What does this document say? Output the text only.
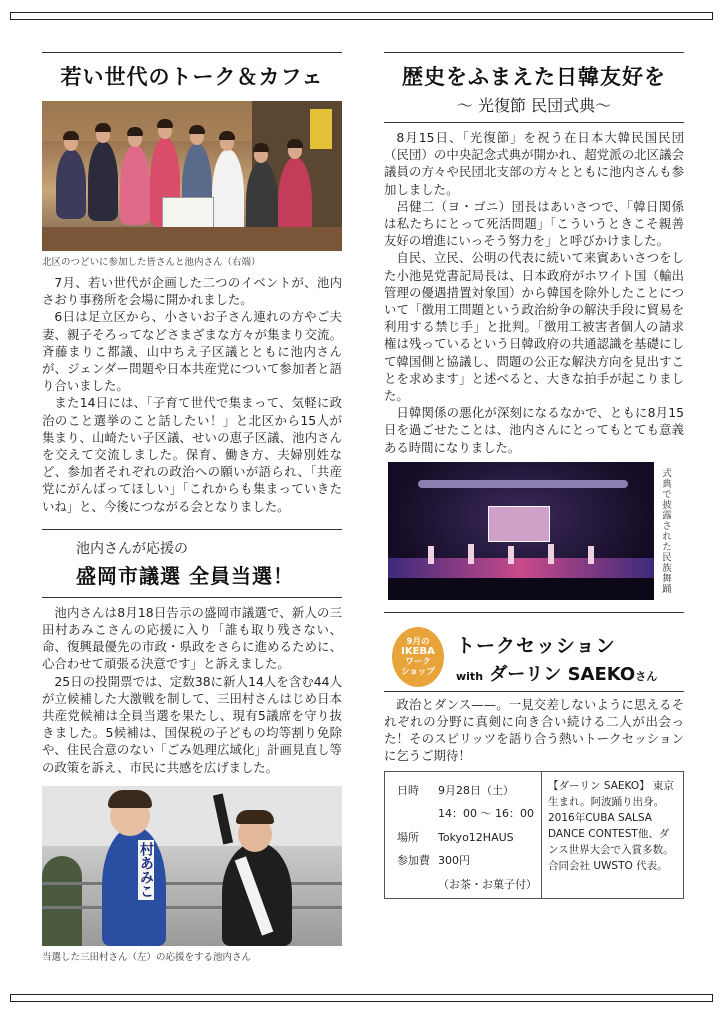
若い世代のトーク＆カフェ
北区のつどいに参加した皆さんと池内さん（右端）

7月、若い世代が企画した二つのイベントが、池内さおり事務所を会場に開かれました。

6日は足立区から、小さいお子さん連れの方やご夫妻、親子そろってなどさまざまな方々が集まり交流。斉藤まりこ都議、山中ちえ子区議とともに池内さんが、ジェンダー問題や日本共産党について参加者と語り合いました。

また14日には、「子育て世代で集まって、気軽に政治のこと選挙のこと話したい！」と北区から15人が集まり、山崎たい子区議、せいの恵子区議、池内さんを交えて交流しました。保育、働き方、夫婦別姓など、参加者それぞれの政治への願いが語られ、「共産党にがんばってほしい」「これからも集まっていきたいね」と、今後につながる会となりました。

池内さんが応援の
盛岡市議選 全員当選！

池内さんは8月18日告示の盛岡市議選で、新人の三田村あみこさんの応援に入り「誰も取り残さない、命、復興最優先の市政・県政をさらに進めるために、心合わせて頑張る決意です」と訴えました。

25日の投開票では、定数38に新人14人を含む44人が立候補した大激戦を制して、三田村さんはじめ日本共産党候補は全員当選を果たし、現有5議席を守り抜きました。5候補は、国保税の子どもの均等割り免除や、住民合意のない「ごみ処理広域化」計画見直し等の政策を訴え、市民に共感を広げました。

村あみこ
当選した三田村さん（左）の応援をする池内さん
歴史をふまえた日韓友好を
～ 光復節 民団式典～

8月15日、「光復節」を祝う在日本大韓民国民団（民団）の中央記念式典が開かれ、超党派の北区議会議員の方々や民団北支部の方々とともに池内さんも参加しました。

呂健二（ヨ・ゴニ）団長はあいさつで、「韓日関係は私たちにとって死活問題」「こういうときこそ親善友好の増進にいっそう努力を」と呼びかけました。

自民、立民、公明の代表に続いて来賓あいさつをした小池晃党書記局長は、日本政府がホワイト国（輸出管理の優遇措置対象国）から韓国を除外したことについて「徴用工問題という政治紛争の解決手段に貿易を利用する禁じ手」と批判。「徴用工被害者個人の請求権は残っているという日韓政府の共通認識を基礎にして韓国側と協議し、問題の公正な解決方向を見出すことを求めます」と述べると、大きな拍手が起こりました。

日韓関係の悪化が深刻になるなかで、ともに8月15日を過ごせたことは、池内さんにとってもとても意義ある時間になりました。

式典で披露された民族舞踊
9月の
IKEBA
ワーク
ショップ
トークセッション
with ダーリン SAEKOさん

政治とダンス——。一見交差しないように思えるそれぞれの分野に真剣に向き合い続ける二人が出会った！そのスピリッツを語り合う熱いトークセッションに乞うご期待！

日時	9月28日（土）
	14：00 ～ 16：00
場所	Tokyo12HAUS
参加費	300円
	（お茶・お菓子付）
【ダーリン SAEKO】 東京生まれ。阿波踊り出身。2016年CUBA SALSA DANCE CONTEST他、ダンス世界大会で入賞多数。合同会社 UWSTO 代表。
